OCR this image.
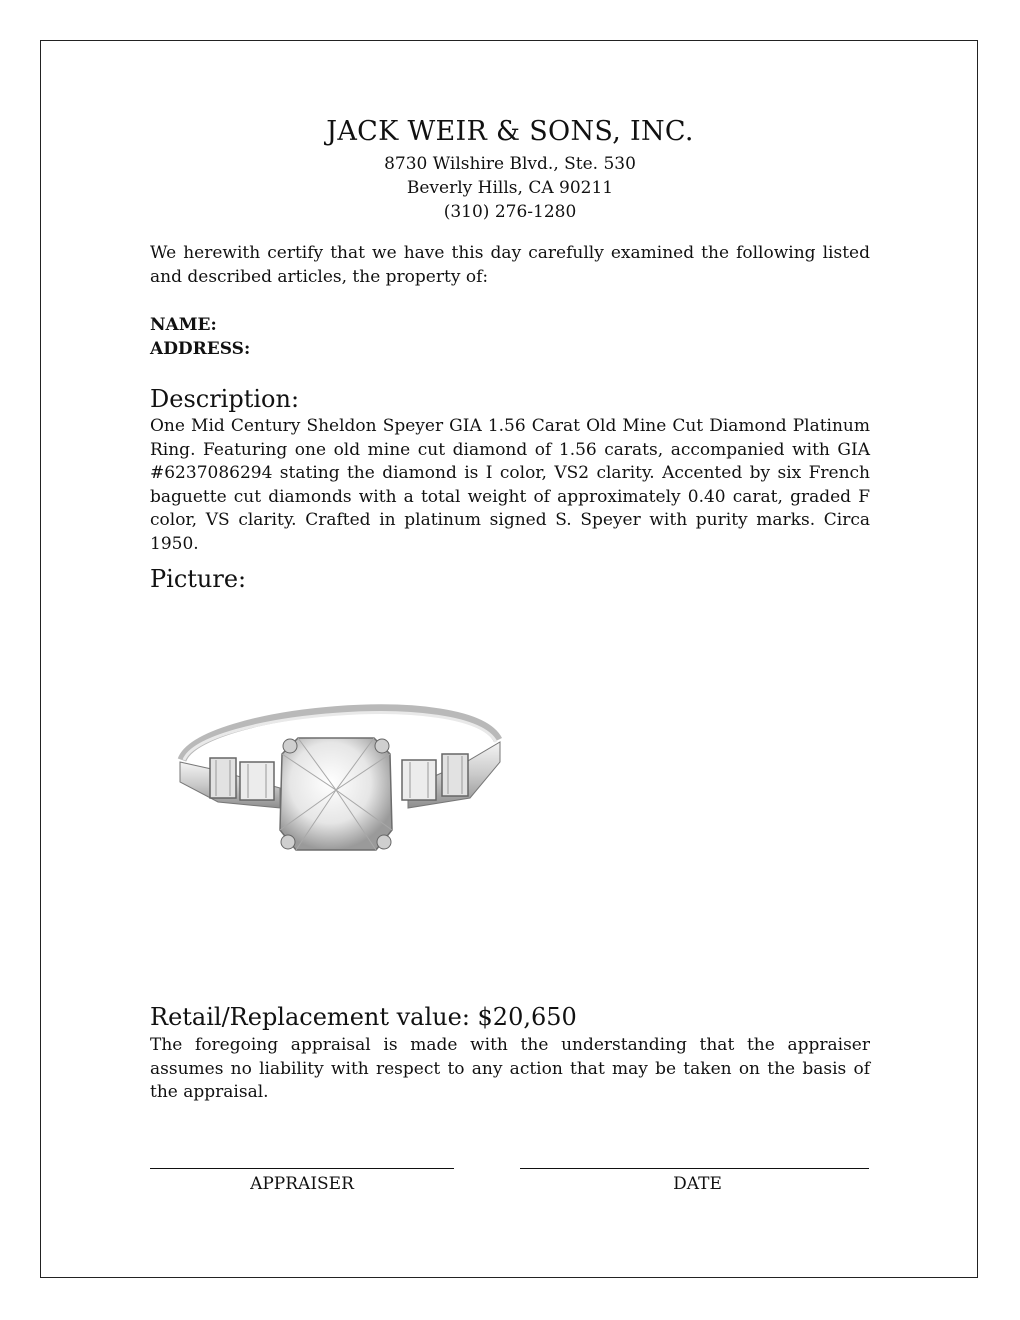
JACK WEIR & SONS, INC.
8730 Wilshire Blvd., Ste. 530
Beverly Hills, CA 90211
(310) 276-1280

We herewith certify that we have this day carefully examined the following listed and described articles, the property of:

NAME:
ADDRESS:
Description:

One Mid Century Sheldon Speyer GIA 1.56 Carat Old Mine Cut Diamond Platinum Ring. Featuring one old mine cut diamond of 1.56 carats, accompanied with GIA #6237086294 stating the diamond is I color, VS2 clarity. Accented by six French baguette cut diamonds with a total weight of approximately 0.40 carat, graded F color, VS clarity. Crafted in platinum signed S. Speyer with purity marks. Circa 1950.

Picture:
Retail/Replacement value: $20,650

The foregoing appraisal is made with the understanding that the appraiser assumes no liability with respect to any action that may be taken on the basis of the appraisal.

APPRAISER	DATE
